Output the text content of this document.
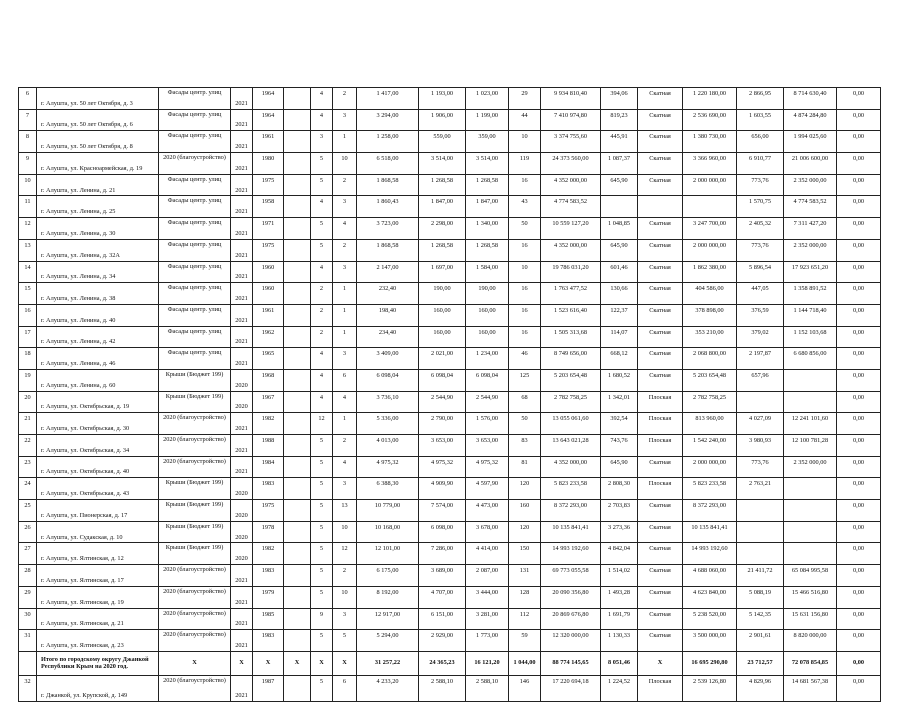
6	г. Алушта, ул. 50 лет Октября, д. 3	Фасады центр. улиц	2021	1964		4	2	1 417,00	1 193,00	1 023,00	29	9 934 810,40	394,06	Скатная	1 220 180,00	2 866,95	8 714 630,40	0,00
7	г. Алушта, ул. 50 лет Октября, д. 6	Фасады центр. улиц	2021	1964		4	3	3 294,00	1 906,00	1 199,00	44	7 410 974,80	819,23	Скатная	2 536 690,00	1 603,55	4 874 284,80	0,00
8	г. Алушта, ул. 50 лет Октября, д. 8	Фасады центр. улиц	2021	1961		3	1	1 258,00	559,00	359,00	10	3 374 755,60	445,91	Скатная	1 380 730,00	656,00	1 994 025,60	0,00
9	г. Алушта, ул. Красноармейская, д. 19	2020 (благоустройство)	2021	1980		5	10	6 518,00	3 514,00	3 514,00	119	24 373 560,00	1 087,37	Скатная	3 366 960,00	6 910,77	21 006 600,00	0,00
10	г. Алушта, ул. Ленина, д. 21	Фасады центр. улиц	2021	1975		5	2	1 868,58	1 268,58	1 268,58	16	4 352 000,00	645,90	Скатная	2 000 000,00	773,76	2 352 000,00	0,00
11	г. Алушта, ул. Ленина, д. 25	Фасады центр. улиц	2021	1958		4	3	1 860,43	1 847,00	1 847,00	43	4 774 583,52				1 570,75	4 774 583,52	0,00
12	г. Алушта, ул. Ленина, д. 30	Фасады центр. улиц	2021	1971		5	4	3 723,00	2 298,00	1 340,00	50	10 559 127,20	1 048,85	Скатная	3 247 700,00	2 405,32	7 311 427,20	0,00
13	г. Алушта, ул. Ленина, д. 32А	Фасады центр. улиц	2021	1975		5	2	1 868,58	1 268,58	1 268,58	16	4 352 000,00	645,90	Скатная	2 000 000,00	773,76	2 352 000,00	0,00
14	г. Алушта, ул. Ленина, д. 34	Фасады центр. улиц	2021	1960		4	3	2 147,00	1 697,00	1 584,00	10	19 786 031,20	601,46	Скатная	1 862 380,00	5 896,54	17 923 651,20	0,00
15	г. Алушта, ул. Ленина, д. 38	Фасады центр. улиц	2021	1960		2	1	232,40	190,00	190,00	16	1 763 477,52	130,66	Скатная	404 586,00	447,05	1 358 891,52	0,00
16	г. Алушта, ул. Ленина, д. 40	Фасады центр. улиц	2021	1961		2	1	198,40	160,00	160,00	16	1 523 616,40	122,37	Скатная	378 898,00	376,59	1 144 718,40	0,00
17	г. Алушта, ул. Ленина, д. 42	Фасады центр. улиц	2021	1962		2	1	234,40	160,00	160,00	16	1 505 313,68	114,07	Скатная	353 210,00	379,02	1 152 103,68	0,00
18	г. Алушта, ул. Ленина, д. 46	Фасады центр. улиц	2021	1965		4	3	3 409,00	2 021,00	1 234,00	46	8 749 656,00	668,12	Скатная	2 068 800,00	2 197,87	6 680 856,00	0,00
19	г. Алушта, ул. Ленина, д. 60	Крыши (Бюджет 199)	2020	1968		4	6	6 098,04	6 098,04	6 098,04	125	5 203 654,48	1 680,52	Скатная	5 203 654,48	657,96		0,00
20	г. Алушта, ул. Октябрьская, д. 19	Крыши (Бюджет 199)	2020	1967		4	4	3 736,10	2 544,90	2 544,90	68	2 782 758,25	1 342,01	Плоская	2 782 758,25			0,00
21	г. Алушта, ул. Октябрьская, д. 30	2020 (благоустройство)	2021	1982		12	1	5 336,00	2 790,00	1 576,00	50	13 055 061,60	392,54	Плоская	813 960,00	4 027,09	12 241 101,60	0,00
22	г. Алушта, ул. Октябрьская, д. 34	2020 (благоустройство)	2021	1988		5	2	4 013,00	3 653,00	3 653,00	83	13 643 021,28	743,76	Плоская	1 542 240,00	3 980,93	12 100 781,28	0,00
23	г. Алушта, ул. Октябрьская, д. 40	2020 (благоустройство)	2021	1984		5	4	4 975,32	4 975,32	4 975,32	81	4 352 000,00	645,90	Скатная	2 000 000,00	773,76	2 352 000,00	0,00
24	г. Алушта, ул. Октябрьская, д. 43	Крыши (Бюджет 199)	2020	1983		5	3	6 388,30	4 909,90	4 597,90	120	5 823 233,58	2 808,30	Плоская	5 823 233,58	2 763,21		0,00
25	г. Алушта, ул. Пионерская, д. 17	Крыши (Бюджет 199)	2020	1975		5	13	10 779,00	7 574,00	4 473,00	160	8 372 293,00	2 703,83	Скатная	8 372 293,00			0,00
26	г. Алушта, ул. Судакская, д. 10	Крыши (Бюджет 199)	2020	1978		5	10	10 168,00	6 098,00	3 678,00	120	10 135 841,41	3 273,36	Скатная	10 135 841,41			0,00
27	г. Алушта, ул. Ялтинская, д. 12	Крыши (Бюджет 199)	2020	1982		5	12	12 101,00	7 286,00	4 414,00	150	14 993 192,60	4 842,04	Скатная	14 993 192,60			0,00
28	г. Алушта, ул. Ялтинская, д. 17	2020 (благоустройство)	2021	1983		5	2	6 175,00	3 689,00	2 087,00	131	69 773 055,58	1 514,02	Скатная	4 688 060,00	21 411,72	65 084 995,58	0,00
29	г. Алушта, ул. Ялтинская, д. 19	2020 (благоустройство)	2021	1979		5	10	8 192,00	4 707,00	3 444,00	128	20 090 356,80	1 493,28	Скатная	4 623 840,00	5 088,19	15 466 516,80	0,00
30	г. Алушта, ул. Ялтинская, д. 21	2020 (благоустройство)	2021	1985		9	3	12 917,00	6 151,00	3 281,00	112	20 869 676,80	1 691,79	Скатная	5 238 520,00	5 142,35	15 631 156,80	0,00
31	г. Алушта, ул. Ялтинская, д. 23	2020 (благоустройство)	2021	1983		5	5	5 294,00	2 929,00	1 773,00	59	12 320 000,00	1 130,33	Скатная	3 500 000,00	2 901,61	8 820 000,00	0,00
	Итого по городскому округу Джанкой Республики Крым на 2020 год.	X	X	X	X	X	X	31 257,22	24 365,23	16 121,20	1 044,00	88 774 145,65	8 051,46	X	16 695 290,80	23 712,57	72 078 854,85	0,00
32	г. Джанкой, ул. Крупской, д. 149	2020 (благоустройство)	2021	1987		5	6	4 233,20	2 588,10	2 588,10	146	17 220 694,18	1 224,52	Плоская	2 539 126,80	4 829,96	14 681 567,38	0,00
